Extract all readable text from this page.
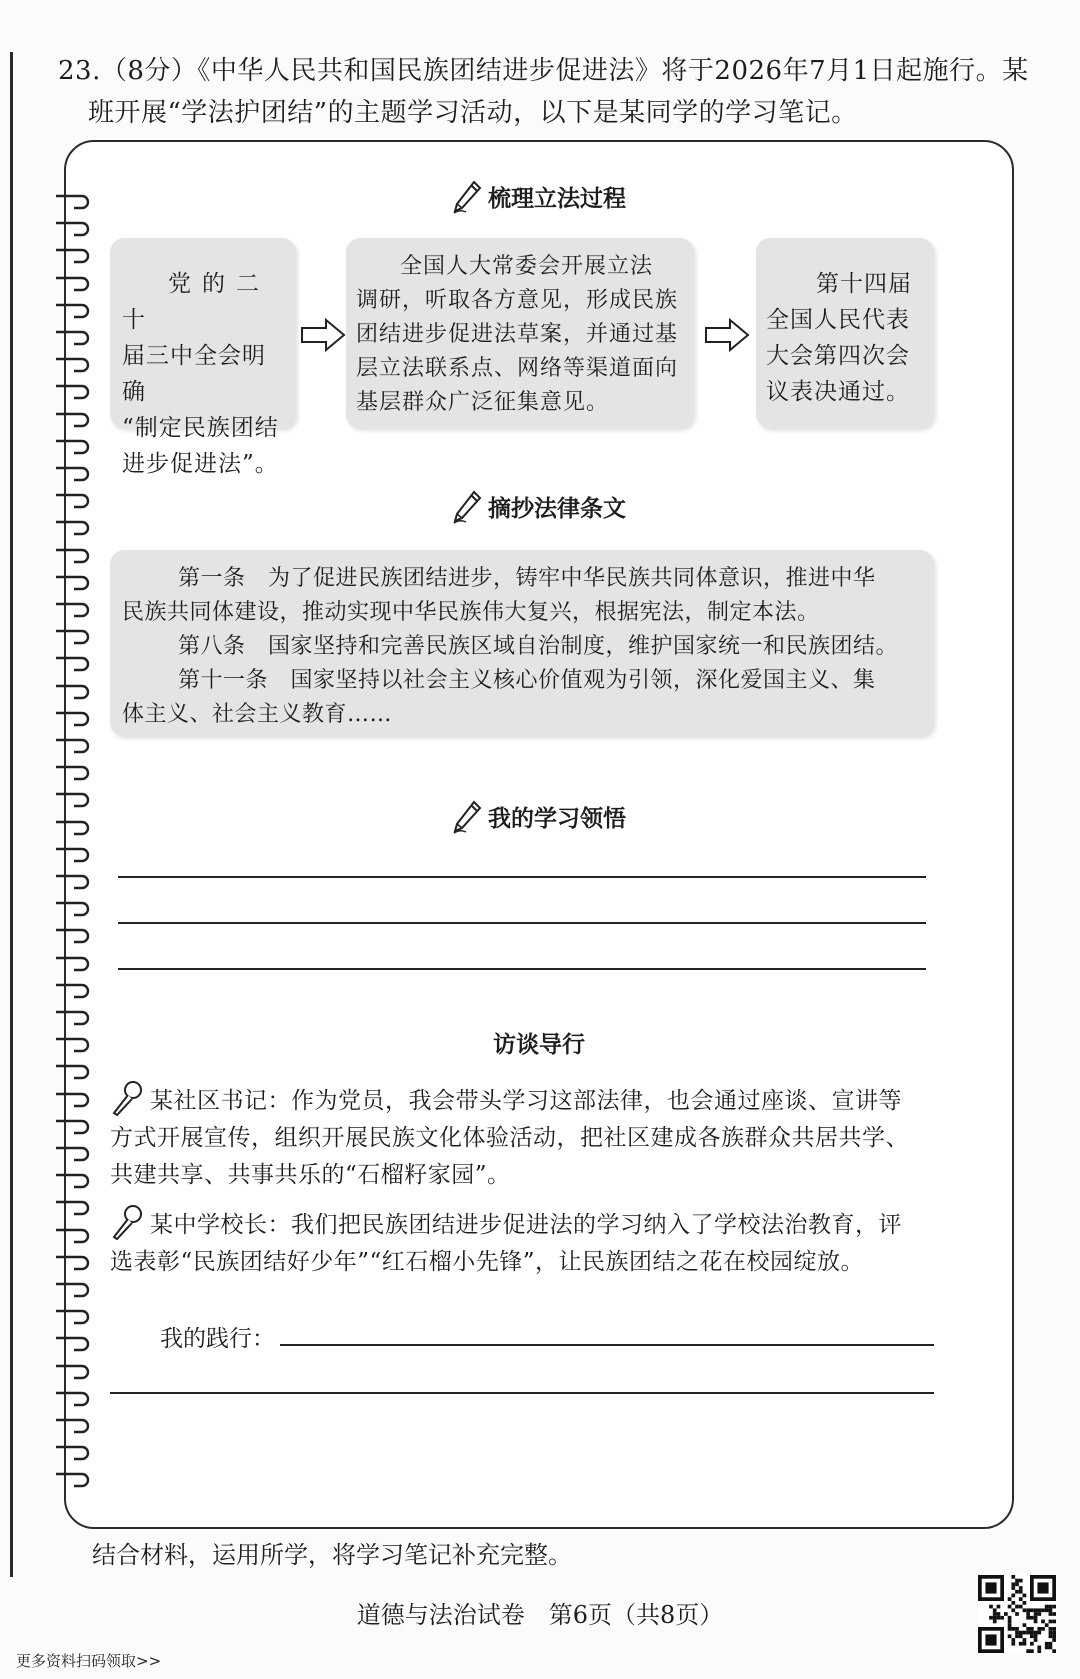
23.（8分）《中华人民共和国民族团结进步促进法》将于2026年7月1日起施行。某
班开展“学法护团结”的主题学习活动，以下是某同学的学习笔记。
梳理立法过程
党的二十
届三中全会明确
“制定民族团结
进步促进法”。
全国人大常委会开展立法
调研，听取各方意见，形成民族
团结进步促进法草案，并通过基
层立法联系点、网络等渠道面向
基层群众广泛征集意见。
第十四届
全国人民代表
大会第四次会
议表决通过。
摘抄法律条文
第一条　为了促进民族团结进步，铸牢中华民族共同体意识，推进中华
民族共同体建设，推动实现中华民族伟大复兴，根据宪法，制定本法。
第八条　国家坚持和完善民族区域自治制度，维护国家统一和民族团结。
第十一条　国家坚持以社会主义核心价值观为引领，深化爱国主义、集
体主义、社会主义教育……
我的学习领悟
访谈导行
某社区书记：作为党员，我会带头学习这部法律，也会通过座谈、宣讲等
方式开展宣传，组织开展民族文化体验活动，把社区建成各族群众共居共学、
共建共享、共事共乐的“石榴籽家园”。
某中学校长：我们把民族团结进步促进法的学习纳入了学校法治教育，评
选表彰“民族团结好少年”“红石榴小先锋”，让民族团结之花在校园绽放。
我的践行：
结合材料，运用所学，将学习笔记补充完整。
道德与法治试卷　第6页（共8页）
更多资料扫码领取>>
